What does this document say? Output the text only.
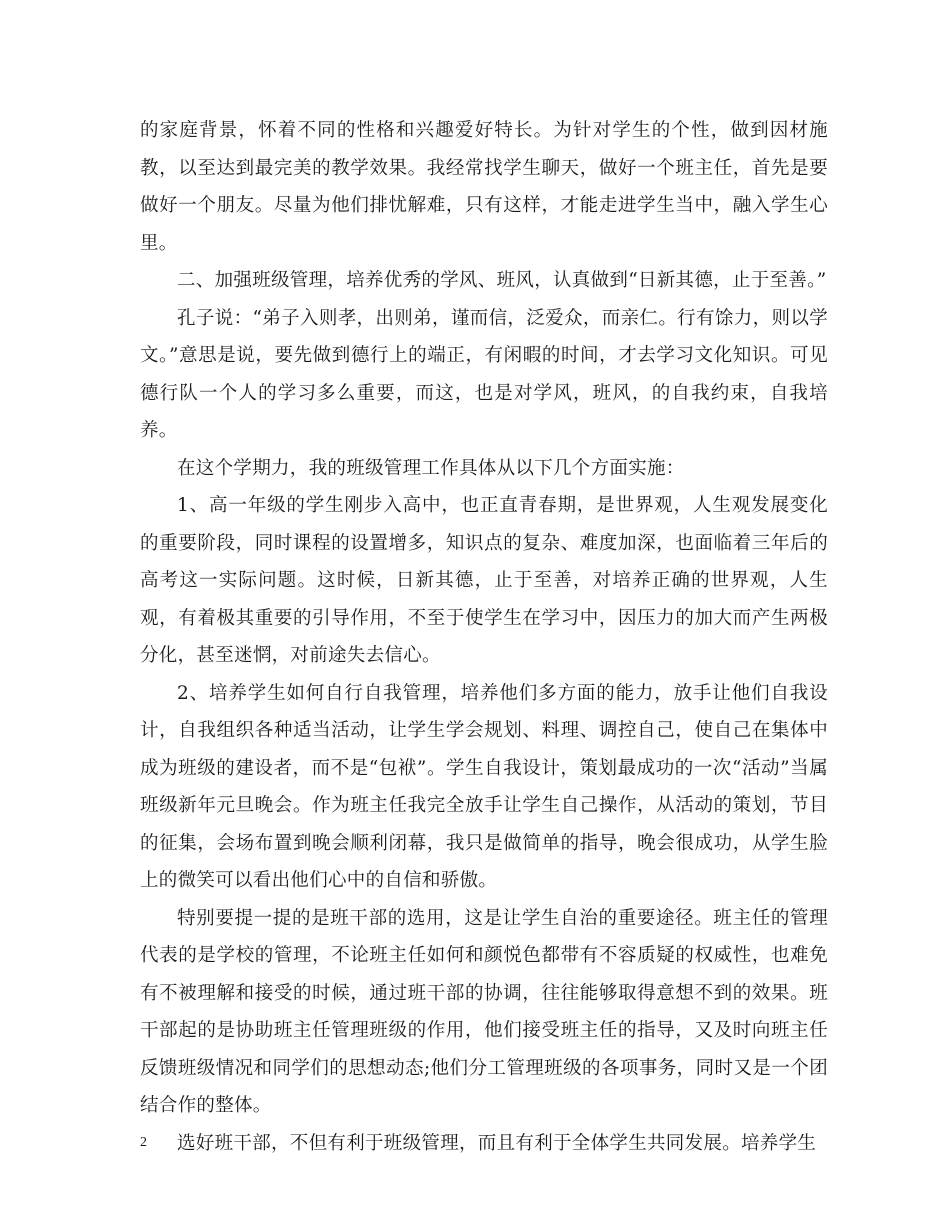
的家庭背景，怀着不同的性格和兴趣爱好特长。为针对学生的个性，做到因材施教，以至达到最完美的教学效果。我经常找学生聊天，做好一个班主任，首先是要做好一个朋友。尽量为他们排忧解难，只有这样，才能走进学生当中，融入学生心里。

二、加强班级管理，培养优秀的学风、班风，认真做到“日新其德，止于至善。”

孔子说：“弟子入则孝，出则弟，谨而信，泛爱众，而亲仁。行有馀力，则以学文。”意思是说，要先做到德行上的端正，有闲暇的时间，才去学习文化知识。可见德行队一个人的学习多么重要，而这，也是对学风，班风，的自我约束，自我培养。

在这个学期力，我的班级管理工作具体从以下几个方面实施：

1、高一年级的学生刚步入高中，也正直青春期，是世界观，人生观发展变化的重要阶段，同时课程的设置增多，知识点的复杂、难度加深，也面临着三年后的高考这一实际问题。这时候，日新其德，止于至善，对培养正确的世界观，人生观，有着极其重要的引导作用，不至于使学生在学习中，因压力的加大而产生两极分化，甚至迷惘，对前途失去信心。

2、培养学生如何自行自我管理，培养他们多方面的能力，放手让他们自我设计，自我组织各种适当活动，让学生学会规划、料理、调控自己，使自己在集体中成为班级的建设者，而不是“包袱”。学生自我设计，策划最成功的一次“活动”当属班级新年元旦晚会。作为班主任我完全放手让学生自己操作，从活动的策划，节目的征集，会场布置到晚会顺利闭幕，我只是做简单的指导，晚会很成功，从学生脸上的微笑可以看出他们心中的自信和骄傲。

特别要提一提的是班干部的选用，这是让学生自治的重要途径。班主任的管理代表的是学校的管理，不论班主任如何和颜悦色都带有不容质疑的权威性，也难免有不被理解和接受的时候，通过班干部的协调，往往能够取得意想不到的效果。班干部起的是协助班主任管理班级的作用，他们接受班主任的指导，又及时向班主任反馈班级情况和同学们的思想动态;他们分工管理班级的各项事务，同时又是一个团结合作的整体。

选好班干部，不但有利于班级管理，而且有利于全体学生共同发展。培养学生

2
